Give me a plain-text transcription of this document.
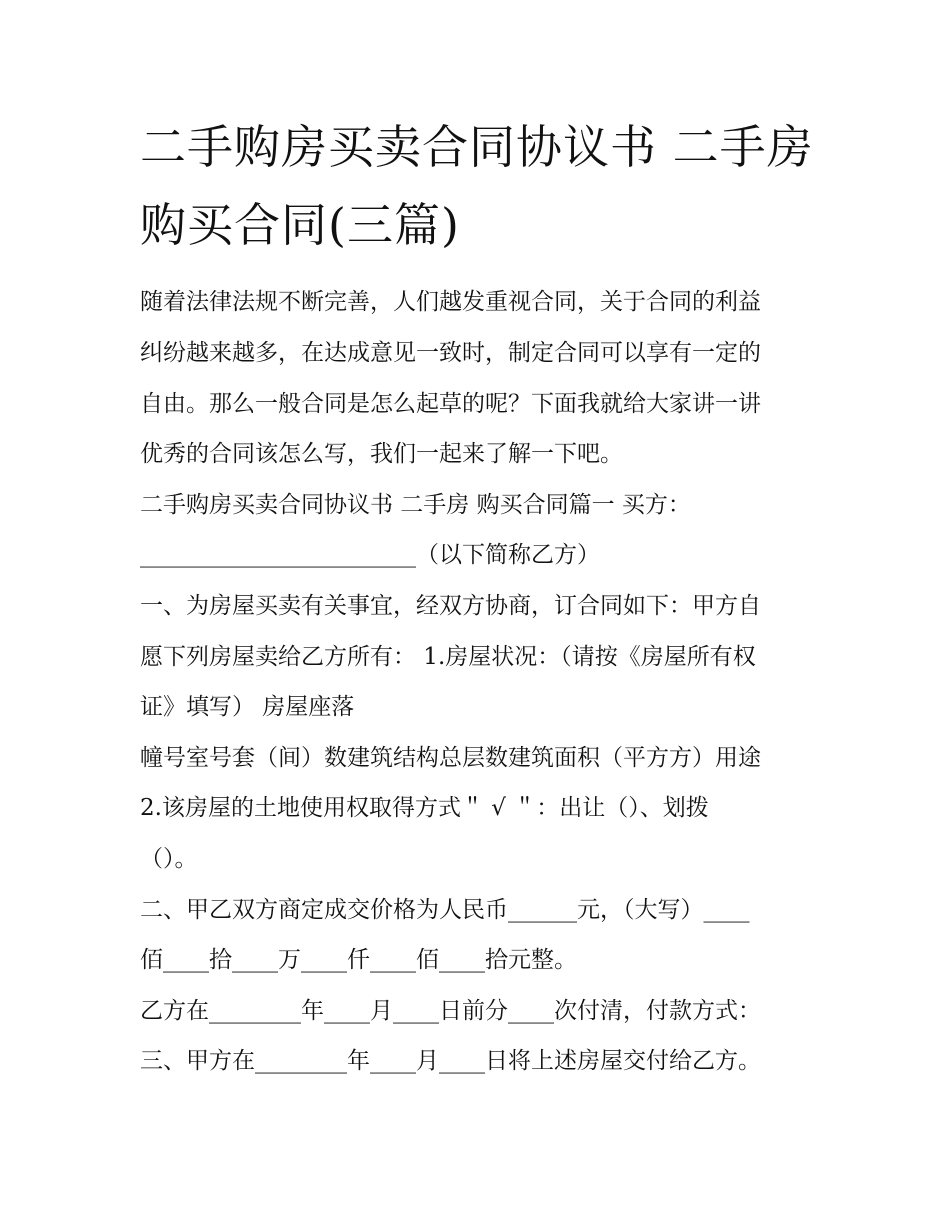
二手购房买卖合同协议书 二手房 购买合同(三篇)

随着法律法规不断完善，人们越发重视合同，关于合同的利益

纠纷越来越多，在达成意见一致时，制定合同可以享有一定的

自由。那么一般合同是怎么起草的呢？下面我就给大家讲一讲

优秀的合同该怎么写，我们一起来了解一下吧。

二手购房买卖合同协议书 二手房 购买合同篇一 买方：

________________________（以下简称乙方）

一、为房屋买卖有关事宜，经双方协商，订合同如下：甲方自

愿下列房屋卖给乙方所有： 1.房屋状况：（请按《房屋所有权

证》填写） 房屋座落

幢号室号套（间）数建筑结构总层数建筑面积（平方方）用途

2.该房屋的土地使用权取得方式＂ √ ＂：出让（）、划拨

（）。

二、甲乙双方商定成交价格为人民币______元，（大写）____

佰____拾____万____仟____佰____拾元整。

乙方在________年____月____日前分____次付清，付款方式：

三、甲方在________年____月____日将上述房屋交付给乙方。
